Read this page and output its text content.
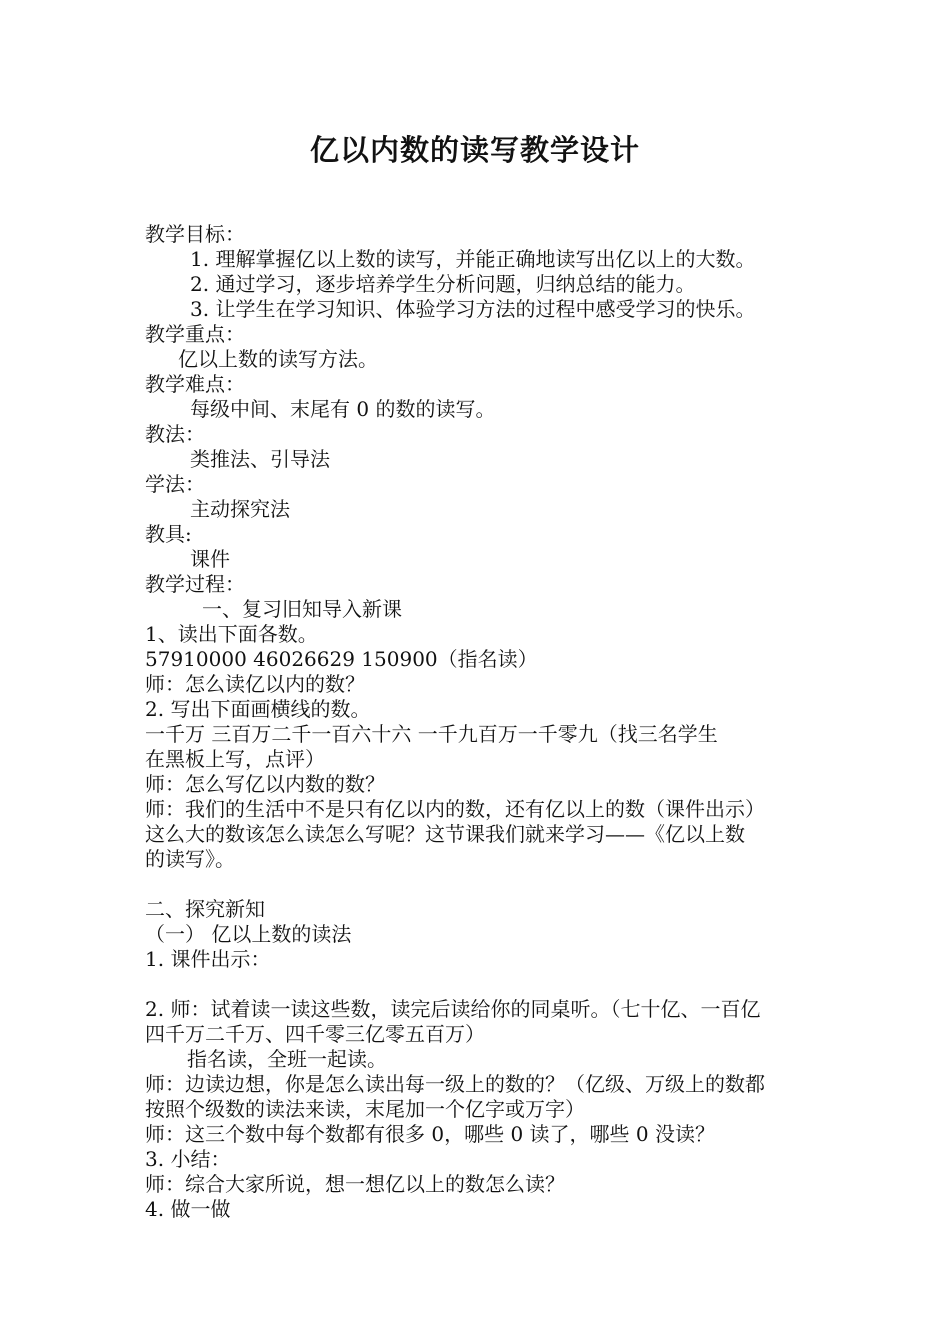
亿以内数的读写教学设计
教学目标：
1. 理解掌握亿以上数的读写，并能正确地读写出亿以上的大数。
2. 通过学习，逐步培养学生分析问题，归纳总结的能力。
3. 让学生在学习知识、体验学习方法的过程中感受学习的快乐。
教学重点：
亿以上数的读写方法。
教学难点：
每级中间、末尾有 0 的数的读写。
教法：
类推法、引导法
学法：
主动探究法
教具:
课件
教学过程：
一、复习旧知导入新课
1、读出下面各数。
57910000 46026629 150900（指名读）
师：怎么读亿以内的数？
2. 写出下面画横线的数。
一千万 三百万二千一百六十六 一千九百万一千零九（找三名学生
在黑板上写，点评）
师：怎么写亿以内数的数？
师：我们的生活中不是只有亿以内的数，还有亿以上的数（课件出示）
这么大的数该怎么读怎么写呢？这节课我们就来学习——《亿以上数
的读写》。
二、探究新知
（一） 亿以上数的读法
1. 课件出示：
2. 师：试着读一读这些数，读完后读给你的同桌听。（七十亿、一百亿
四千万二千万、四千零三亿零五百万）
指名读，全班一起读。
师：边读边想，你是怎么读出每一级上的数的？（亿级、万级上的数都
按照个级数的读法来读，末尾加一个亿字或万字）
师：这三个数中每个数都有很多 0，哪些 0 读了，哪些 0 没读？
3. 小结：
师：综合大家所说，想一想亿以上的数怎么读？
4. 做一做
